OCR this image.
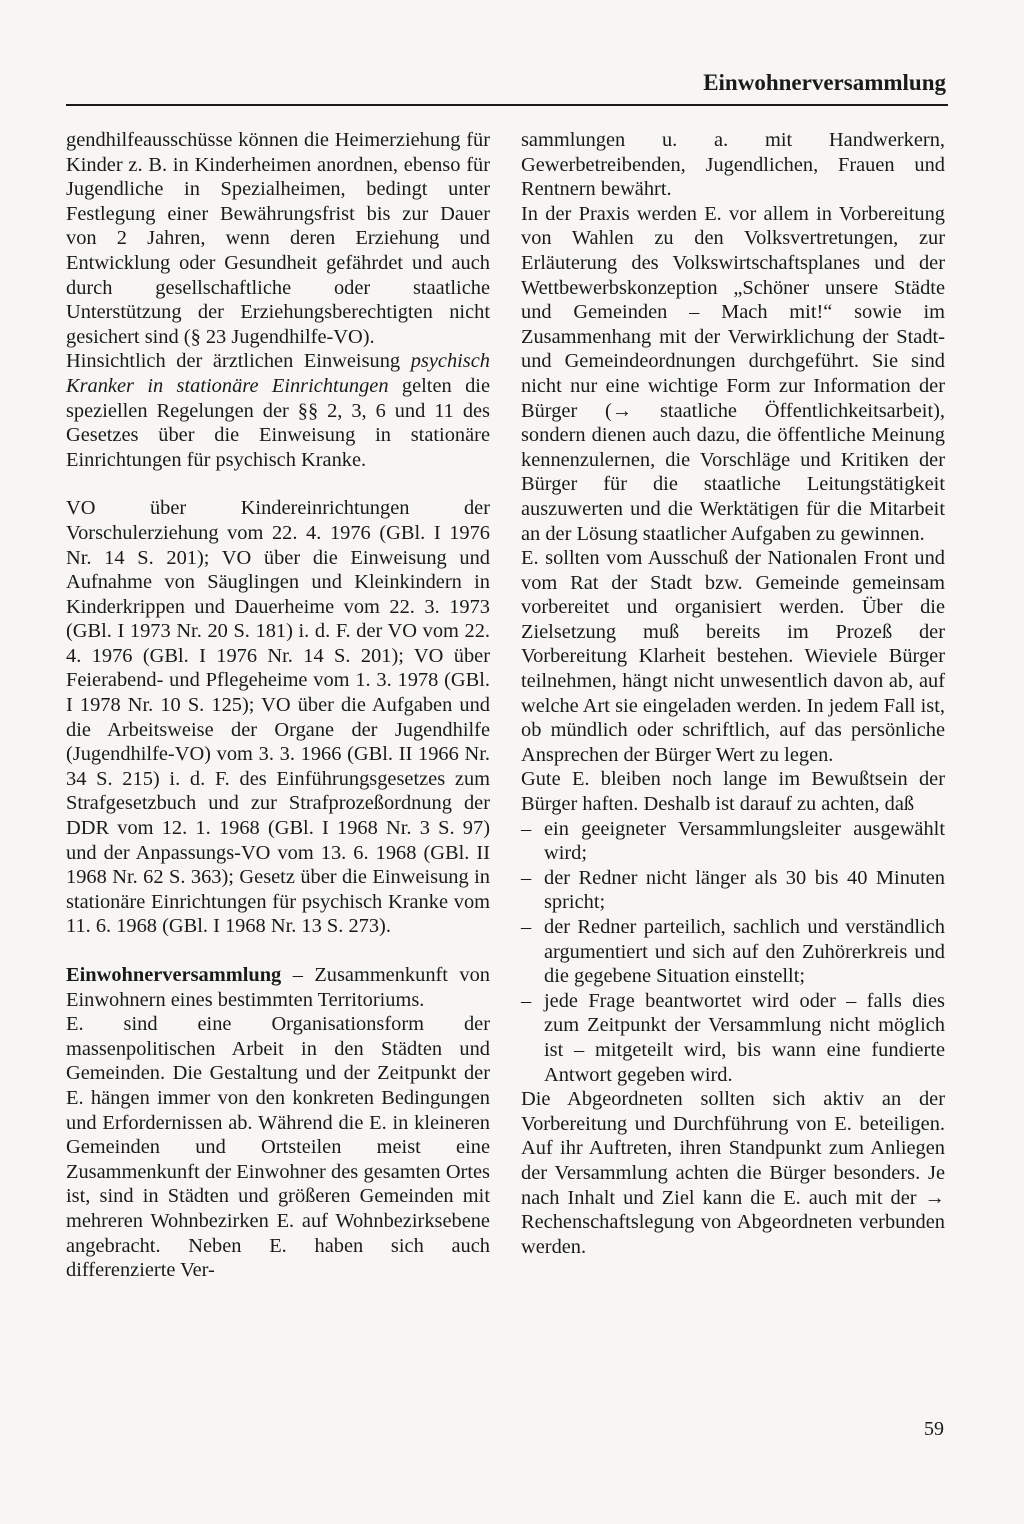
Einwohnerversammlung

gendhilfeausschüsse können die Heimerziehung für Kinder z. B. in Kinderheimen anordnen, ebenso für Jugendliche in Spezialheimen, bedingt unter Festlegung einer Bewährungsfrist bis zur Dauer von 2 Jahren, wenn deren Erziehung und Entwicklung oder Gesundheit gefährdet und auch durch gesellschaftliche oder staatliche Unterstützung der Erziehungsberechtigten nicht gesichert sind (§ 23 Jugendhilfe-VO).

Hinsichtlich der ärztlichen Einweisung psychisch Kranker in stationäre Einrichtungen gelten die speziellen Regelungen der §§ 2, 3, 6 und 11 des Gesetzes über die Einweisung in stationäre Einrichtungen für psychisch Kranke.

VO über Kindereinrichtungen der Vorschulerziehung vom 22. 4. 1976 (GBl. I 1976 Nr. 14 S. 201); VO über die Einweisung und Aufnahme von Säuglingen und Kleinkindern in Kinderkrippen und Dauerheime vom 22. 3. 1973 (GBl. I 1973 Nr. 20 S. 181) i. d. F. der VO vom 22. 4. 1976 (GBl. I 1976 Nr. 14 S. 201); VO über Feierabend- und Pflegeheime vom 1. 3. 1978 (GBl. I 1978 Nr. 10 S. 125); VO über die Aufgaben und die Arbeitsweise der Organe der Jugendhilfe (Jugendhilfe-VO) vom 3. 3. 1966 (GBl. II 1966 Nr. 34 S. 215) i. d. F. des Einführungsgesetzes zum Strafgesetzbuch und zur Strafprozeßordnung der DDR vom 12. 1. 1968 (GBl. I 1968 Nr. 3 S. 97) und der Anpassungs-VO vom 13. 6. 1968 (GBl. II 1968 Nr. 62 S. 363); Gesetz über die Einweisung in stationäre Einrichtungen für psychisch Kranke vom 11. 6. 1968 (GBl. I 1968 Nr. 13 S. 273).

Einwohnerversammlung – Zusammenkunft von Einwohnern eines bestimmten Territoriums.

E. sind eine Organisationsform der massenpolitischen Arbeit in den Städten und Gemeinden. Die Gestaltung und der Zeitpunkt der E. hängen immer von den konkreten Bedingungen und Erfordernissen ab. Während die E. in kleineren Gemeinden und Ortsteilen meist eine Zusammenkunft der Einwohner des gesamten Ortes ist, sind in Städten und größeren Gemeinden mit mehreren Wohnbezirken E. auf Wohnbezirksebene angebracht. Neben E. haben sich auch differenzierte Ver-

sammlungen u. a. mit Handwerkern, Gewerbetreibenden, Jugendlichen, Frauen und Rentnern bewährt.

In der Praxis werden E. vor allem in Vorbereitung von Wahlen zu den Volksvertretungen, zur Erläuterung des Volkswirtschaftsplanes und der Wettbewerbskonzeption „Schöner unsere Städte und Gemeinden – Mach mit!“ sowie im Zusammenhang mit der Verwirklichung der Stadt- und Gemeindeordnungen durchgeführt. Sie sind nicht nur eine wichtige Form zur Information der Bürger (→ staatliche Öffentlichkeitsarbeit), sondern dienen auch dazu, die öffentliche Meinung kennenzulernen, die Vorschläge und Kritiken der Bürger für die staatliche Leitungstätigkeit auszuwerten und die Werktätigen für die Mitarbeit an der Lösung staatlicher Aufgaben zu gewinnen.

E. sollten vom Ausschuß der Nationalen Front und vom Rat der Stadt bzw. Gemeinde gemeinsam vorbereitet und organisiert werden. Über die Zielsetzung muß bereits im Prozeß der Vorbereitung Klarheit bestehen. Wieviele Bürger teilnehmen, hängt nicht unwesentlich davon ab, auf welche Art sie eingeladen werden. In jedem Fall ist, ob mündlich oder schriftlich, auf das persönliche Ansprechen der Bürger Wert zu legen.

Gute E. bleiben noch lange im Bewußtsein der Bürger haften. Deshalb ist darauf zu achten, daß

– ein geeigneter Versammlungsleiter ausgewählt wird;
– der Redner nicht länger als 30 bis 40 Minuten spricht;
– der Redner parteilich, sachlich und verständlich argumentiert und sich auf den Zuhörerkreis und die gegebene Situation einstellt;
– jede Frage beantwortet wird oder – falls dies zum Zeitpunkt der Versammlung nicht möglich ist – mitgeteilt wird, bis wann eine fundierte Antwort gegeben wird.

Die Abgeordneten sollten sich aktiv an der Vorbereitung und Durchführung von E. beteiligen. Auf ihr Auftreten, ihren Standpunkt zum Anliegen der Versammlung achten die Bürger besonders. Je nach Inhalt und Ziel kann die E. auch mit der → Rechenschaftslegung von Abgeordneten verbunden werden.

59
